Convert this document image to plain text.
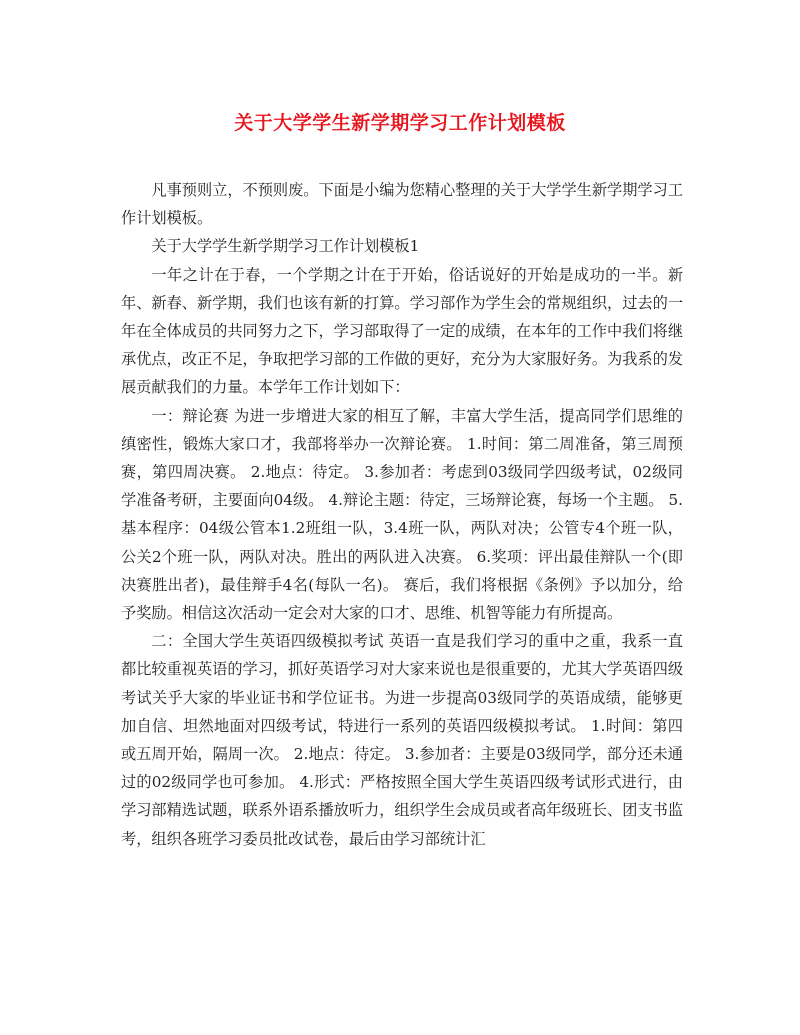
关于大学学生新学期学习工作计划模板

凡事预则立，不预则废。下面是小编为您精心整理的关于大学学生新学期学习工作计划模板。

关于大学学生新学期学习工作计划模板1

一年之计在于春，一个学期之计在于开始，俗话说好的开始是成功的一半。新年、新春、新学期，我们也该有新的打算。学习部作为学生会的常规组织，过去的一年在全体成员的共同努力之下，学习部取得了一定的成绩，在本年的工作中我们将继承优点，改正不足，争取把学习部的工作做的更好，充分为大家服好务。为我系的发展贡献我们的力量。本学年工作计划如下：

一：辩论赛 为进一步增进大家的相互了解，丰富大学生活，提高同学们思维的缜密性，锻炼大家口才，我部将举办一次辩论赛。 1.时间：第二周准备，第三周预赛，第四周决赛。 2.地点：待定。 3.参加者：考虑到03级同学四级考试，02级同学准备考研，主要面向04级。 4.辩论主题：待定，三场辩论赛，每场一个主题。 5.基本程序：04级公管本1.2班组一队，3.4班一队，两队对决；公管专4个班一队，公关2个班一队，两队对决。胜出的两队进入决赛。 6.奖项：评出最佳辩队一个(即决赛胜出者)，最佳辩手4名(每队一名)。 赛后，我们将根据《条例》予以加分，给予奖励。相信这次活动一定会对大家的口才、思维、机智等能力有所提高。

二：全国大学生英语四级模拟考试 英语一直是我们学习的重中之重，我系一直都比较重视英语的学习，抓好英语学习对大家来说也是很重要的，尤其大学英语四级考试关乎大家的毕业证书和学位证书。为进一步提高03级同学的英语成绩，能够更加自信、坦然地面对四级考试，特进行一系列的英语四级模拟考试。 1.时间：第四或五周开始，隔周一次。 2.地点：待定。 3.参加者：主要是03级同学，部分还未通过的02级同学也可参加。 4.形式：严格按照全国大学生英语四级考试形式进行，由学习部精选试题，联系外语系播放听力，组织学生会成员或者高年级班长、团支书监考，组织各班学习委员批改试卷，最后由学习部统计汇
